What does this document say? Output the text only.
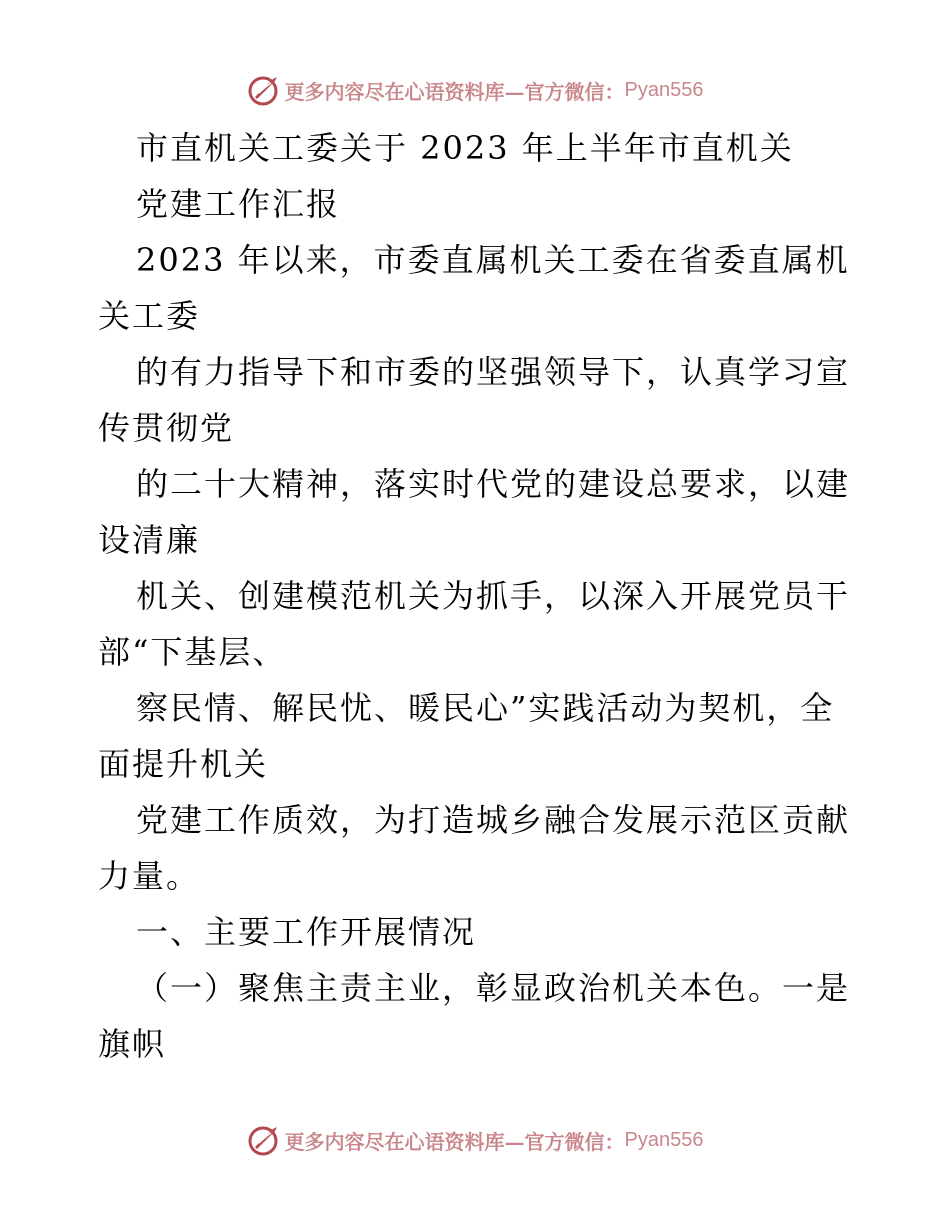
更多内容尽在心语资料库—官方微信： Pyan556
市直机关工委关于 2023 年上半年市直机关
党建工作汇报
2023 年以来，市委直属机关工委在省委直属机
关工委
的有力指导下和市委的坚强领导下，认真学习宣
传贯彻党
的二十大精神，落实时代党的建设总要求，以建
设清廉
机关、创建模范机关为抓手，以深入开展党员干
部“下基层、
察民情、解民忧、暖民心”实践活动为契机，全
面提升机关
党建工作质效，为打造城乡融合发展示范区贡献
力量。
一、主要工作开展情况
（一）聚焦主责主业，彰显政治机关本色。一是
旗帜
更多内容尽在心语资料库—官方微信： Pyan556
